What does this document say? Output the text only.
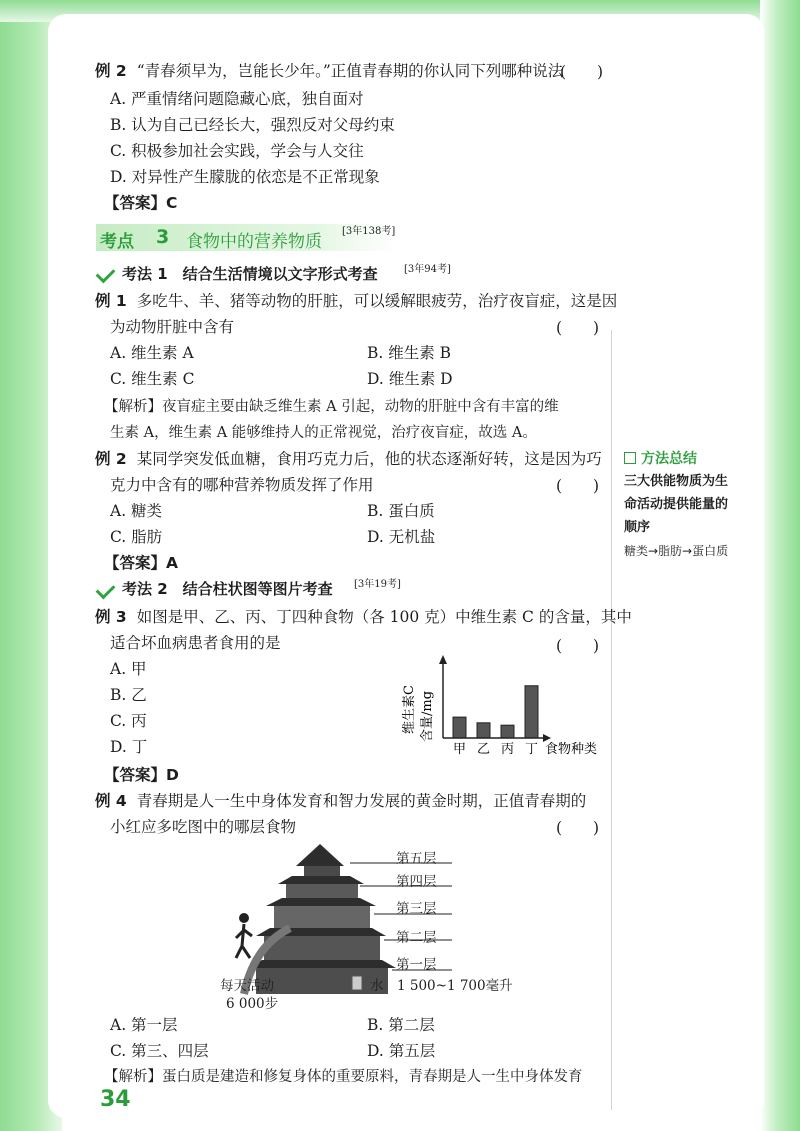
例 2 “青春须早为，岂能长少年。”正值青春期的你认同下列哪种说法
(　　)
A. 严重情绪问题隐藏心底，独自面对
B. 认为自己已经长大，强烈反对父母约束
C. 积极参加社会实践，学会与人交往
D. 对异性产生朦胧的依恋是不正常现象
【答案】C
考点 3 食物中的营养物质
[3年138考]
考法 1　结合生活情境以文字形式考查	[3年94考]
例 1 多吃牛、羊、猪等动物的肝脏，可以缓解眼疲劳，治疗夜盲症，这是因
为动物肝脏中含有	(　　)
A. 维生素 A	B. 维生素 B
C. 维生素 C	D. 维生素 D
【解析】夜盲症主要由缺乏维生素 A 引起，动物的肝脏中含有丰富的维
生素 A，维生素 A 能够维持人的正常视觉，治疗夜盲症，故选 A。
例 2 某同学突发低血糖，食用巧克力后，他的状态逐渐好转，这是因为巧
克力中含有的哪种营养物质发挥了作用	(　　)
A. 糖类	B. 蛋白质
C. 脂肪	D. 无机盐
【答案】A
考法 2　结合柱状图等图片考查 [3年19考]
例 3 如图是甲、乙、丙、丁四种食物（各 100 克）中维生素 C 的含量，其中
适合坏血病患者食用的是	(　　)
A. 甲
B. 乙
C. 丙
D. 丁
【答案】D
维生素C 含量/mg
甲 乙 丙 丁 食物种类
例 4 青春期是人一生中身体发育和智力发展的黄金时期，正值青春期的
小红应多吃图中的哪层食物	(　　)
第五层
第四层
第三层
第二层
第一层
每天活动
6 000步
水　1 500~1 700毫升
A. 第一层	B. 第二层
C. 第三、四层	D. 第五层
【解析】蛋白质是建造和修复身体的重要原料，青春期是人一生中身体发育
方法总结
三大供能物质为生
命活动提供能量的
顺序
糖类→脂肪→蛋白质
34
